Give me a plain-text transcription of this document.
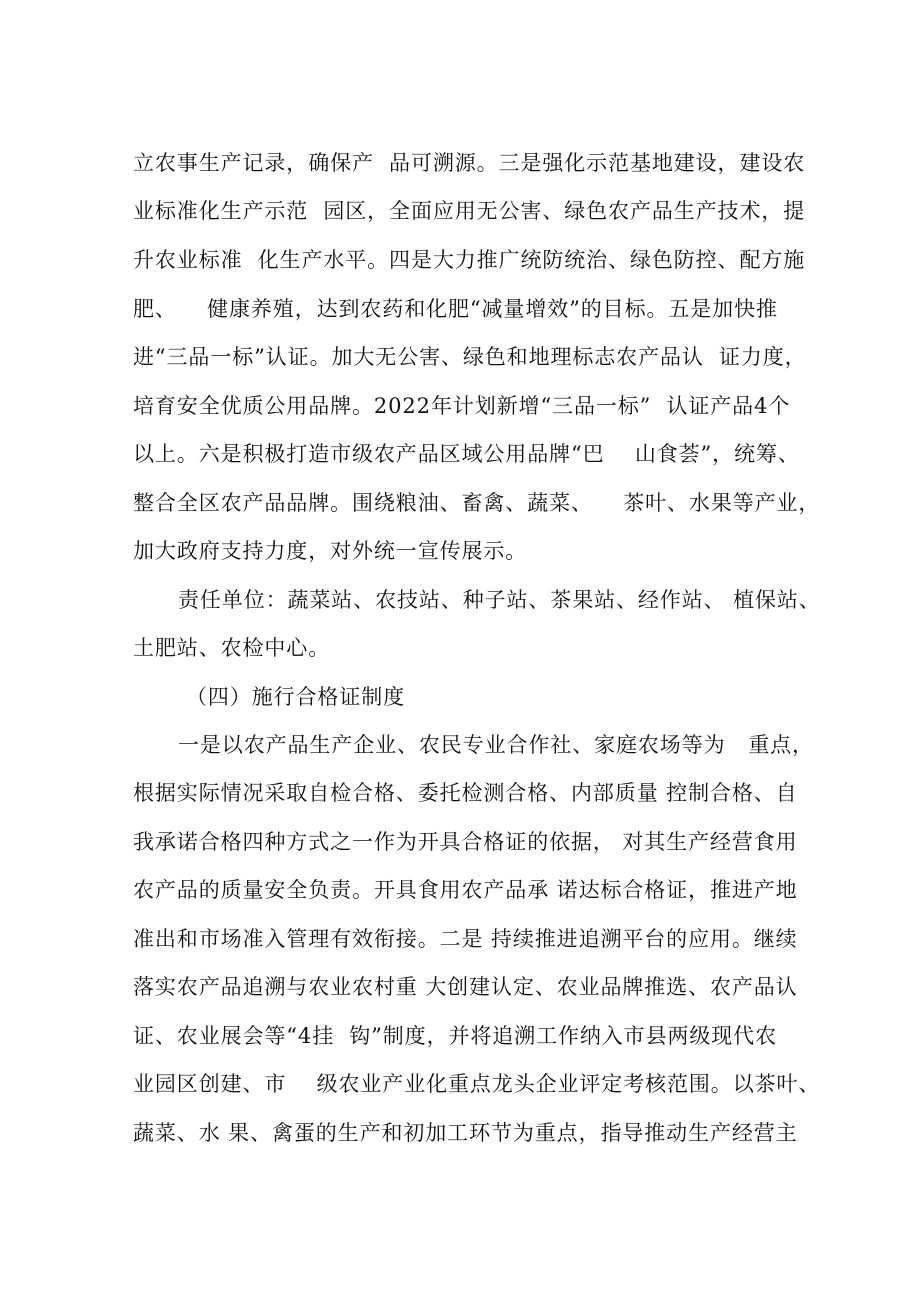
立农事生产记录，确保产  品可溯源。三是强化示范基地建设，建设农
业标准化生产示范  园区，全面应用无公害、绿色农产品生产技术，提
升农业标准  化生产水平。四是大力推广统防统治、绿色防控、配方施
肥、    健康养殖，达到农药和化肥“减量增效”的目标。五是加快推
进“三品一标”认证。加大无公害、绿色和地理标志农产品认  证力度，
培育安全优质公用品牌。2022年计划新增“三品一标”  认证产品4个
以上。六是积极打造市级农产品区域公用品牌“巴    山食荟”，统筹、
整合全区农产品品牌。围绕粮油、畜禽、蔬菜、    茶叶、水果等产业，
加大政府支持力度，对外统一宣传展示。
责任单位：蔬菜站、农技站、种子站、茶果站、经作站、 植保站、
土肥站、农检中心。
（四）施行合格证制度
一是以农产品生产企业、农民专业合作社、家庭农场等为   重点，
根据实际情况采取自检合格、委托检测合格、内部质量 控制合格、自
我承诺合格四种方式之一作为开具合格证的依据， 对其生产经营食用
农产品的质量安全负责。开具食用农产品承 诺达标合格证，推进产地
准出和市场准入管理有效衔接。二是 持续推进追溯平台的应用。继续
落实农产品追溯与农业农村重 大创建认定、农业品牌推选、农产品认
证、农业展会等“4挂  钩”制度，并将追溯工作纳入市县两级现代农
业园区创建、市    级农业产业化重点龙头企业评定考核范围。以茶叶、
蔬菜、水 果、禽蛋的生产和初加工环节为重点，指导推动生产经营主
